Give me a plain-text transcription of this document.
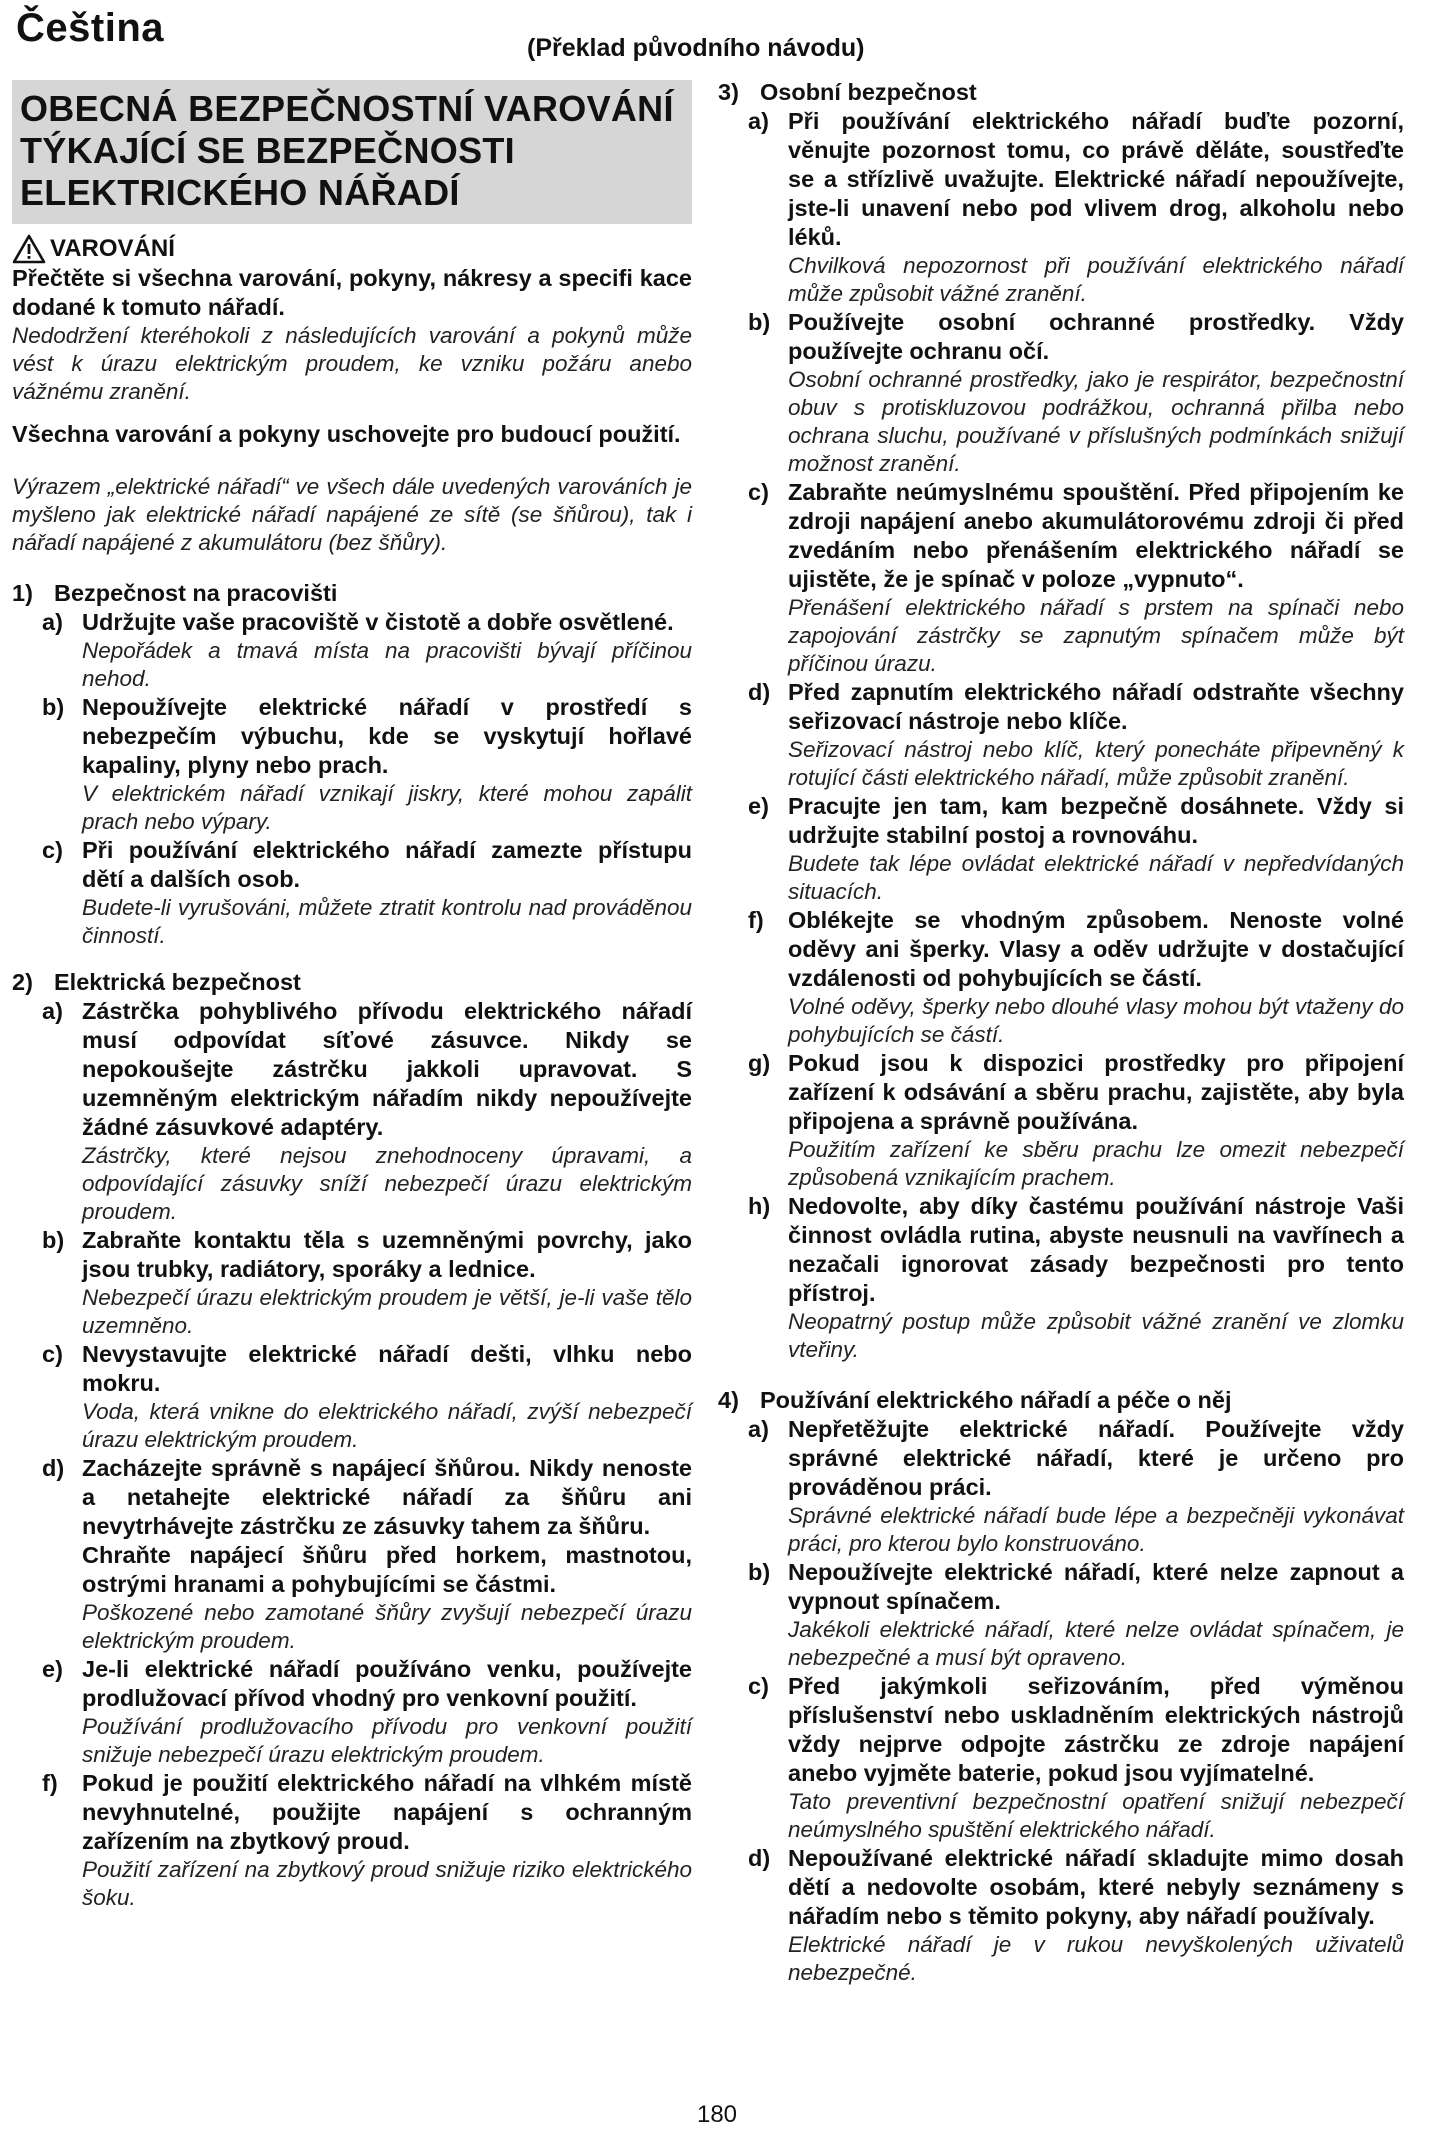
Čeština	(Překlad původního návodu)
OBECNÁ BEZPEČNOSTNÍ VAROVÁNÍ TÝKAJÍCÍ SE BEZPEČNOSTI ELEKTRICKÉHO NÁŘADÍ
VAROVÁNÍ

Přečtěte si všechna varování, pokyny, nákresy a specifi kace dodané k tomuto nářadí.

Nedodržení kteréhokoli z následujících varování a pokynů může vést k úrazu elektrickým proudem, ke vzniku požáru anebo vážnému zranění.

Všechna varování a pokyny uschovejte pro budoucí použití.

Výrazem „elektrické nářadí“ ve všech dále uvedených varováních je myšleno jak elektrické nářadí napájené ze sítě (se šňůrou), tak i nářadí napájené z akumulátoru (bez šňůry).

1) Bezpečnost na pracovišti
a) Udržujte vaše pracoviště v čistotě a dobře osvětlené.

Nepořádek a tmavá místa na pracovišti bývají příčinou nehod.

b) Nepoužívejte elektrické nářadí v prostředí s nebezpečím výbuchu, kde se vyskytují hořlavé kapaliny, plyny nebo prach.

V elektrickém nářadí vznikají jiskry, které mohou zapálit prach nebo výpary.

c) Při používání elektrického nářadí zamezte přístupu dětí a dalších osob.

Budete-li vyrušováni, můžete ztratit kontrolu nad prováděnou činností.

2) Elektrická bezpečnost
a) Zástrčka pohyblivého přívodu elektrického nářadí musí odpovídat síťové zásuvce. Nikdy se nepokoušejte zástrčku jakkoli upravovat. S uzemněným elektrickým nářadím nikdy nepoužívejte žádné zásuvkové adaptéry.

Zástrčky, které nejsou znehodnoceny úpravami, a odpovídající zásuvky sníží nebezpečí úrazu elektrickým proudem.

b) Zabraňte kontaktu těla s uzemněnými povrchy, jako jsou trubky, radiátory, sporáky a lednice.

Nebezpečí úrazu elektrickým proudem je větší, je-li vaše tělo uzemněno.

c) Nevystavujte elektrické nářadí dešti, vlhku nebo mokru.

Voda, která vnikne do elektrického nářadí, zvýší nebezpečí úrazu elektrickým proudem.

d) Zacházejte správně s napájecí šňůrou. Nikdy nenoste a netahejte elektrické nářadí za šňůru ani nevytrhávejte zástrčku ze zásuvky tahem za šňůru.

Chraňte napájecí šňůru před horkem, mastnotou, ostrými hranami a pohybujícími se částmi.

Poškozené nebo zamotané šňůry zvyšují nebezpečí úrazu elektrickým proudem.

e) Je-li elektrické nářadí používáno venku, používejte prodlužovací přívod vhodný pro venkovní použití.

Používání prodlužovacího přívodu pro venkovní použití snižuje nebezpečí úrazu elektrickým proudem.

f)	Pokud je použití elektrického nářadí na vlhkém místě nevyhnutelné, použijte napájení s ochranným zařízením na zbytkový proud.

Použití zařízení na zbytkový proud snižuje riziko elektrického šoku.

3) Osobní bezpečnost
a) Při používání elektrického nářadí buďte pozorní, věnujte pozornost tomu, co právě děláte, soustřeďte se a střízlivě uvažujte. Elektrické nářadí nepoužívejte, jste-li unavení nebo pod vlivem drog, alkoholu nebo léků.

Chvilková nepozornost při používání elektrického nářadí může způsobit vážné zranění.

b) Používejte osobní ochranné prostředky. Vždy používejte ochranu očí.

Osobní ochranné prostředky, jako je respirátor, bezpečnostní obuv s protiskluzovou podrážkou, ochranná přilba nebo ochrana sluchu, používané v příslušných podmínkách snižují možnost zranění.

c) Zabraňte neúmyslnému spouštění. Před připojením ke zdroji napájení anebo akumulátorovému zdroji či před zvedáním nebo přenášením elektrického nářadí se ujistěte, že je spínač v poloze „vypnuto“.

Přenášení elektrického nářadí s prstem na spínači nebo zapojování zástrčky se zapnutým spínačem může být příčinou úrazu.

d) Před zapnutím elektrického nářadí odstraňte všechny seřizovací nástroje nebo klíče.

Seřizovací nástroj nebo klíč, který ponecháte připevněný k rotující části elektrického nářadí, může způsobit zranění.

e) Pracujte jen tam, kam bezpečně dosáhnete. Vždy si udržujte stabilní postoj a rovnováhu.

Budete tak lépe ovládat elektrické nářadí v nepředvídaných situacích.

f)	Oblékejte se vhodným způsobem. Nenoste volné oděvy ani šperky. Vlasy a oděv udržujte v dostačující vzdálenosti od pohybujících se částí.

Volné oděvy, šperky nebo dlouhé vlasy mohou být vtaženy do pohybujících se částí.

g) Pokud jsou k dispozici prostředky pro připojení zařízení k odsávání a sběru prachu, zajistěte, aby byla připojena a správně používána.

Použitím zařízení ke sběru prachu lze omezit nebezpečí způsobená vznikajícím prachem.

h) Nedovolte, aby díky častému používání nástroje Vaši činnost ovládla rutina, abyste neusnuli na vavřínech a nezačali ignorovat zásady bezpečnosti pro tento přístroj.

Neopatrný postup může způsobit vážné zranění ve zlomku vteřiny.

4) Používání elektrického nářadí a péče o něj
a) Nepřetěžujte elektrické nářadí. Používejte vždy správné elektrické nářadí, které je určeno pro prováděnou práci.

Správné elektrické nářadí bude lépe a bezpečněji vykonávat práci, pro kterou bylo konstruováno.

b) Nepoužívejte elektrické nářadí, které nelze zapnout a vypnout spínačem.

Jakékoli elektrické nářadí, které nelze ovládat spínačem, je nebezpečné a musí být opraveno.

c) Před jakýmkoli seřizováním, před výměnou příslušenství nebo uskladněním elektrických nástrojů vždy nejprve odpojte zástrčku ze zdroje napájení anebo vyjměte baterie, pokud jsou vyjímatelné.

Tato preventivní bezpečnostní opatření snižují nebezpečí neúmyslného spuštění elektrického nářadí.

d) Nepoužívané elektrické nářadí skladujte mimo dosah dětí a nedovolte osobám, které nebyly seznámeny s nářadím nebo s těmito pokyny, aby nářadí používaly.

Elektrické nářadí je v rukou nevyškolených uživatelů nebezpečné.

180
